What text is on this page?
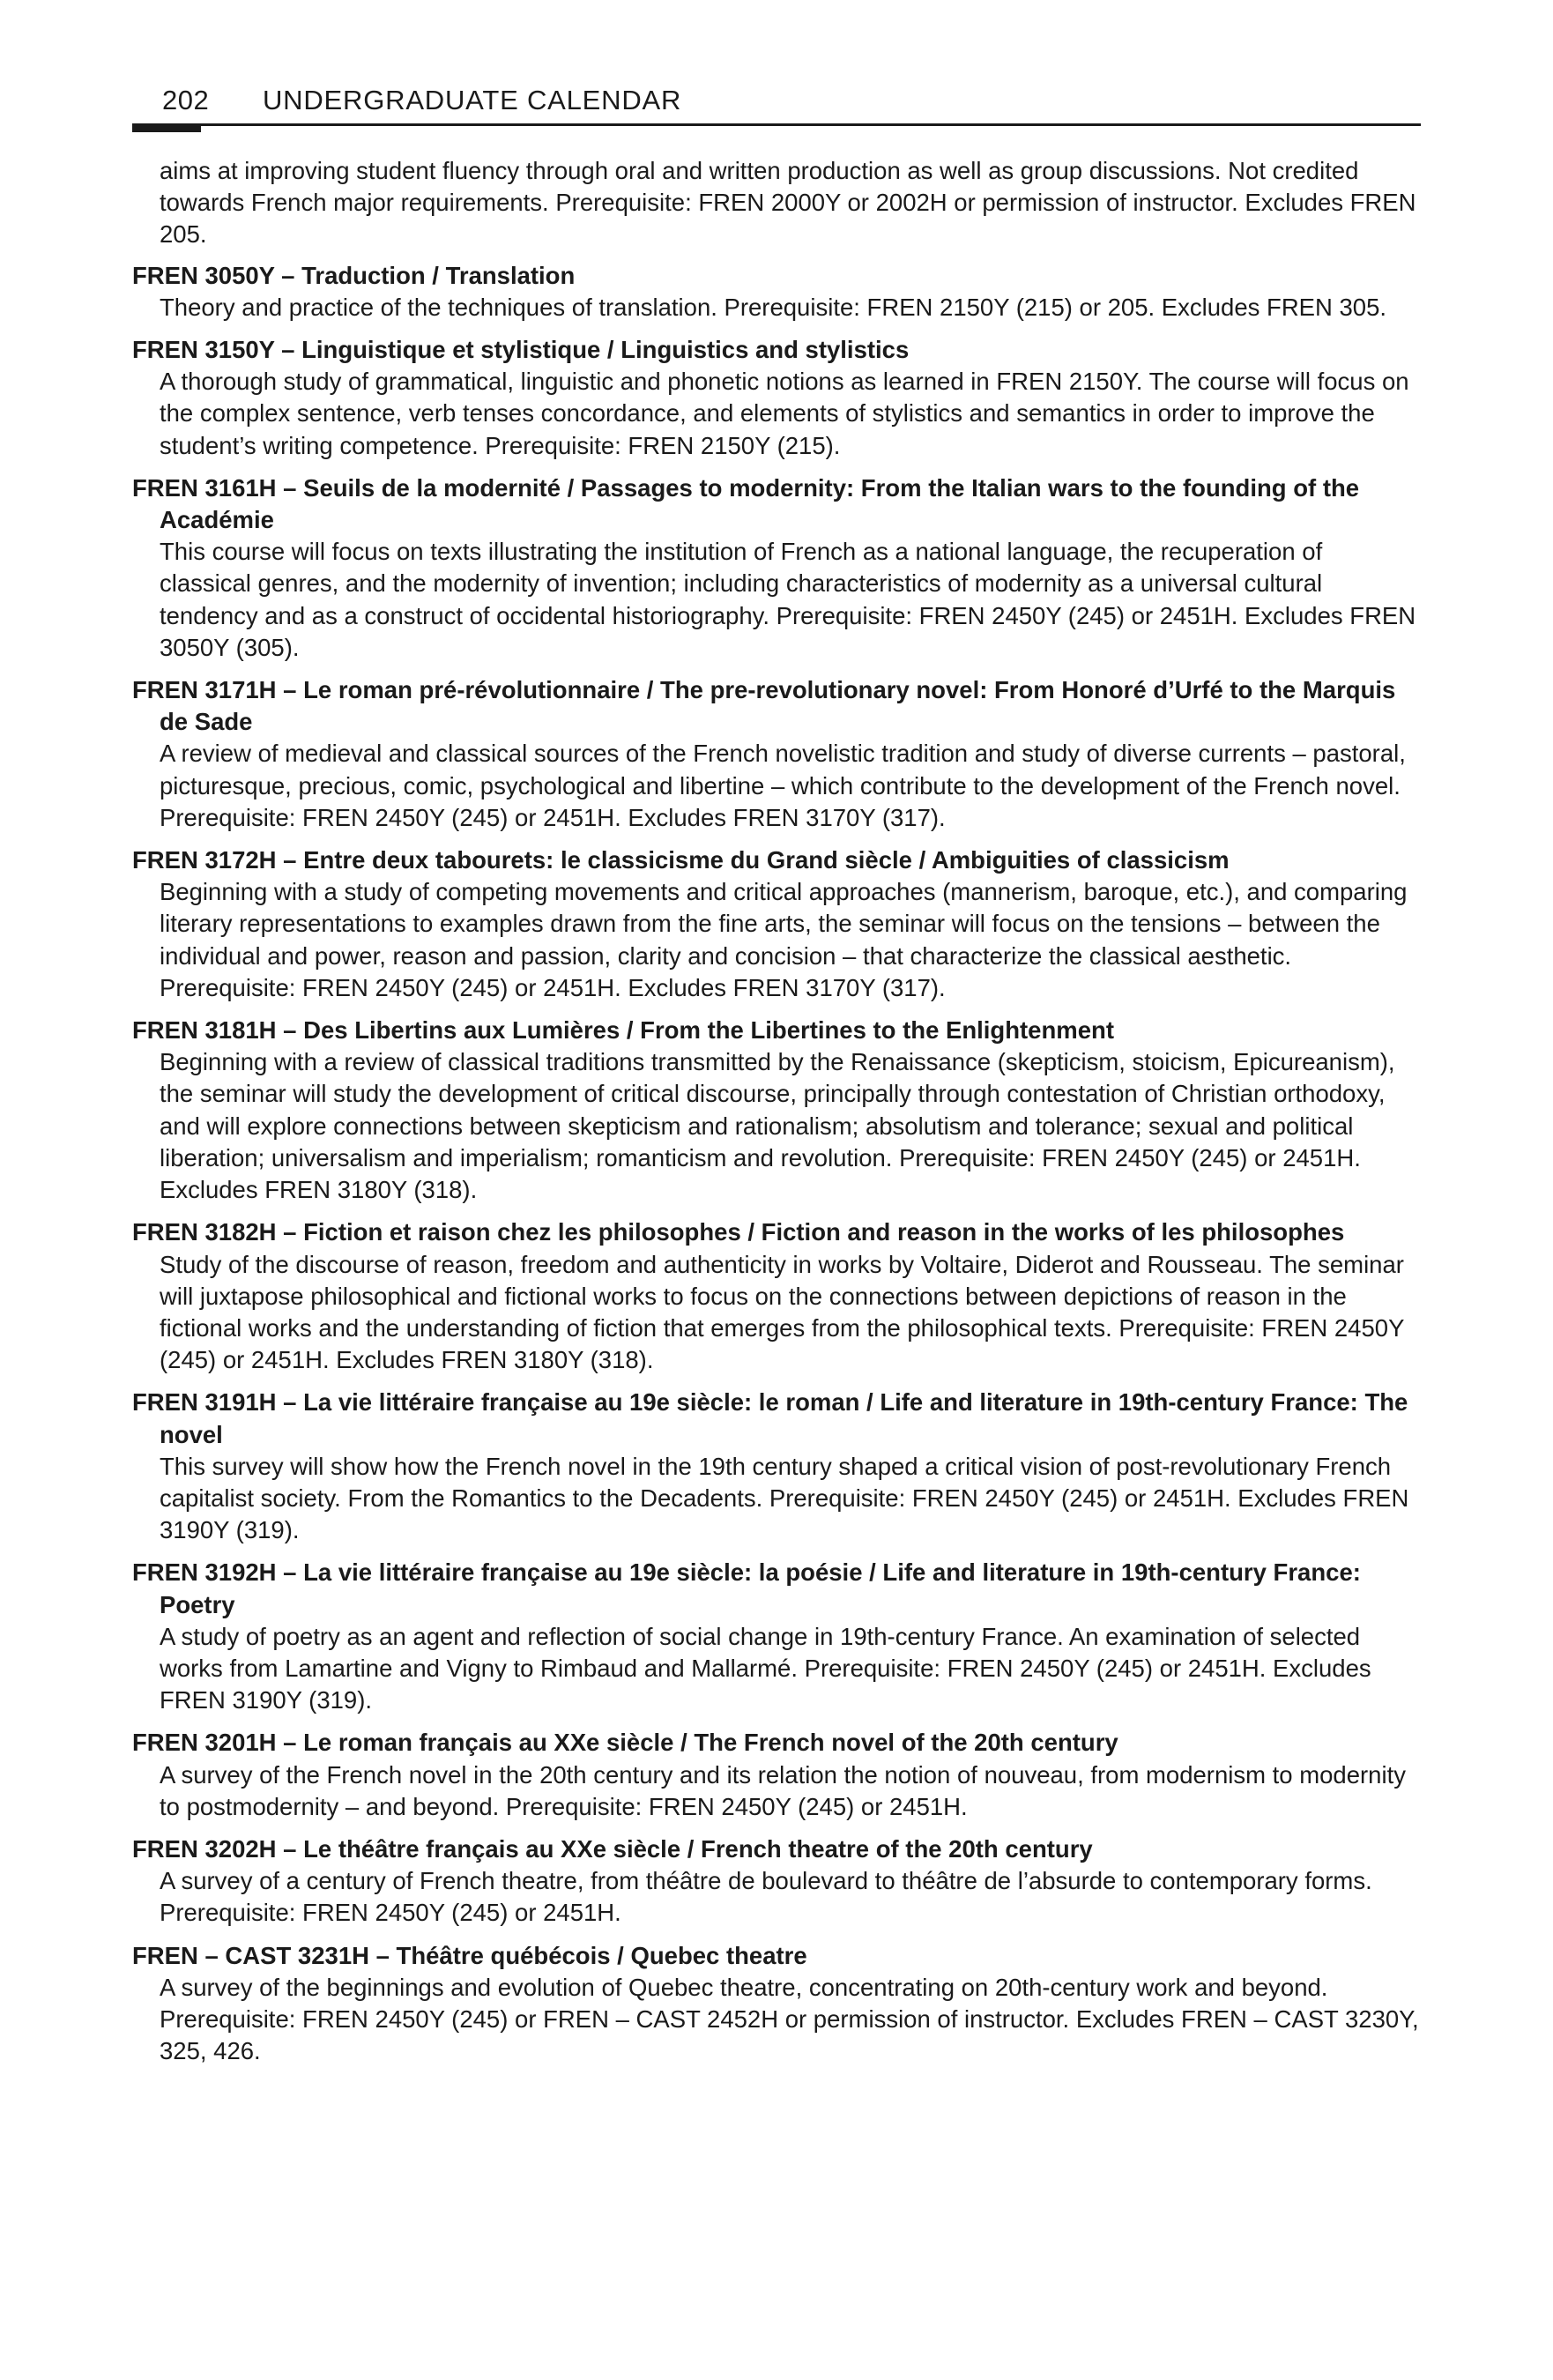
202 UNDERGRADUATE CALENDAR

aims at improving student fluency through oral and written production as well as group discussions. Not credited towards French major requirements. Prerequisite: FREN 2000Y or 2002H or permission of instructor. Excludes FREN 205.

FREN 3050Y – Traduction / Translation

Theory and practice of the techniques of translation. Prerequisite: FREN 2150Y (215) or 205. Excludes FREN 305.

FREN 3150Y – Linguistique et stylistique / Linguistics and stylistics

A thorough study of grammatical, linguistic and phonetic notions as learned in FREN 2150Y. The course will focus on the complex sentence, verb tenses concordance, and elements of stylistics and semantics in order to improve the student’s writing competence. Prerequisite: FREN 2150Y (215).

FREN 3161H – Seuils de la modernité / Passages to modernity: From the Italian wars to the founding of the Académie

This course will focus on texts illustrating the institution of French as a national language, the recuperation of classical genres, and the modernity of invention; including characteristics of modernity as a universal cultural tendency and as a construct of occidental historiography. Prerequisite: FREN 2450Y (245) or 2451H. Excludes FREN 3050Y (305).

FREN 3171H – Le roman pré-révolutionnaire / The pre-revolutionary novel: From Honoré d’Urfé to the Marquis de Sade

A review of medieval and classical sources of the French novelistic tradition and study of diverse currents – pastoral, picturesque, precious, comic, psychological and libertine – which contribute to the development of the French novel. Prerequisite: FREN 2450Y (245) or 2451H. Excludes FREN 3170Y (317).

FREN 3172H – Entre deux tabourets: le classicisme du Grand siècle / Ambiguities of classicism

Beginning with a study of competing movements and critical approaches (mannerism, baroque, etc.), and comparing literary representations to examples drawn from the fine arts, the seminar will focus on the tensions – between the individual and power, reason and passion, clarity and concision – that characterize the classical aesthetic. Prerequisite: FREN 2450Y (245) or 2451H. Excludes FREN 3170Y (317).

FREN 3181H – Des Libertins aux Lumières / From the Libertines to the Enlightenment

Beginning with a review of classical traditions transmitted by the Renaissance (skepticism, stoicism, Epicureanism), the seminar will study the development of critical discourse, principally through contestation of Christian orthodoxy, and will explore connections between skepticism and rationalism; absolutism and tolerance; sexual and political liberation; universalism and imperialism; romanticism and revolution. Prerequisite: FREN 2450Y (245) or 2451H. Excludes FREN 3180Y (318).

FREN 3182H – Fiction et raison chez les philosophes / Fiction and reason in the works of les philosophes

Study of the discourse of reason, freedom and authenticity in works by Voltaire, Diderot and Rousseau. The seminar will juxtapose philosophical and fictional works to focus on the connections between depictions of reason in the fictional works and the understanding of fiction that emerges from the philosophical texts. Prerequisite: FREN 2450Y (245) or 2451H. Excludes FREN 3180Y (318).

FREN 3191H – La vie littéraire française au 19e siècle: le roman / Life and literature in 19th-century France: The novel

This survey will show how the French novel in the 19th century shaped a critical vision of post-revolutionary French capitalist society. From the Romantics to the Decadents. Prerequisite: FREN 2450Y (245) or 2451H. Excludes FREN 3190Y (319).

FREN 3192H – La vie littéraire française au 19e siècle: la poésie / Life and literature in 19th-century France: Poetry

A study of poetry as an agent and reflection of social change in 19th-century France. An examination of selected works from Lamartine and Vigny to Rimbaud and Mallarmé. Prerequisite: FREN 2450Y (245) or 2451H. Excludes FREN 3190Y (319).

FREN 3201H – Le roman français au XXe siècle / The French novel of the 20th century

A survey of the French novel in the 20th century and its relation the notion of nouveau, from modernism to modernity to postmodernity – and beyond. Prerequisite: FREN 2450Y (245) or 2451H.

FREN 3202H – Le théâtre français au XXe siècle / French theatre of the 20th century

A survey of a century of French theatre, from théâtre de boulevard to théâtre de l’absurde to contemporary forms. Prerequisite: FREN 2450Y (245) or 2451H.

FREN – CAST 3231H – Théâtre québécois / Quebec theatre

A survey of the beginnings and evolution of Quebec theatre, concentrating on 20th-century work and beyond. Prerequisite: FREN 2450Y (245) or FREN – CAST 2452H or permission of instructor. Excludes FREN – CAST 3230Y, 325, 426.
